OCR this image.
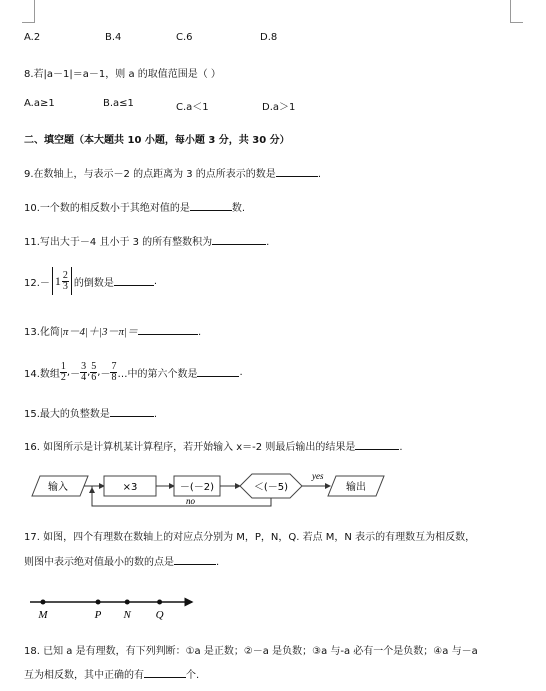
A.2	B.4	C.6	D.8
8.若|a－1|＝a－1，则 a 的取值范围是（ ）
A.a≥1	B.a≤1	C.a＜1	D.a＞1
二、填空题（本大题共 10 小题，每小题 3 分，共 30 分）
9.在数轴上，与表示－2 的点距离为 3 的点所表示的数是	.
10.一个数的相反数小于其绝对值的是	数.
11.写出大于－4 且小于 3 的所有整数积为	.
$12.- 1 \frac{2}{3}$ 的倒数是	.
13.化简|π－4|＋|3－π|＝	.
14.数组 $\frac{1}{2}$ , － $\frac{3}{4}$ , $\frac{5}{6}$ , － $\frac{7}{8}$ …中的第六个数是	.
15.最大的负整数是	.
16. 如图所示是计算机某计算程序，若开始输入 x＝-2 则最后输出的结果是	.
输入	×3	－(－2)	＜(－5)
yes
输出
no
17. 如图，四个有理数在数轴上的对应点分别为 M，P，N，Q. 若点 M，N 表示的有理数互为相反数，
则图中表示绝对值最小的数的点是	.
M	P N Q
18. 已知 a 是有理数，有下列判断：①a 是正数；②－a 是负数；③a 与-a 必有一个是负数；④a 与－a
互为相反数，其中正确的有	个.
